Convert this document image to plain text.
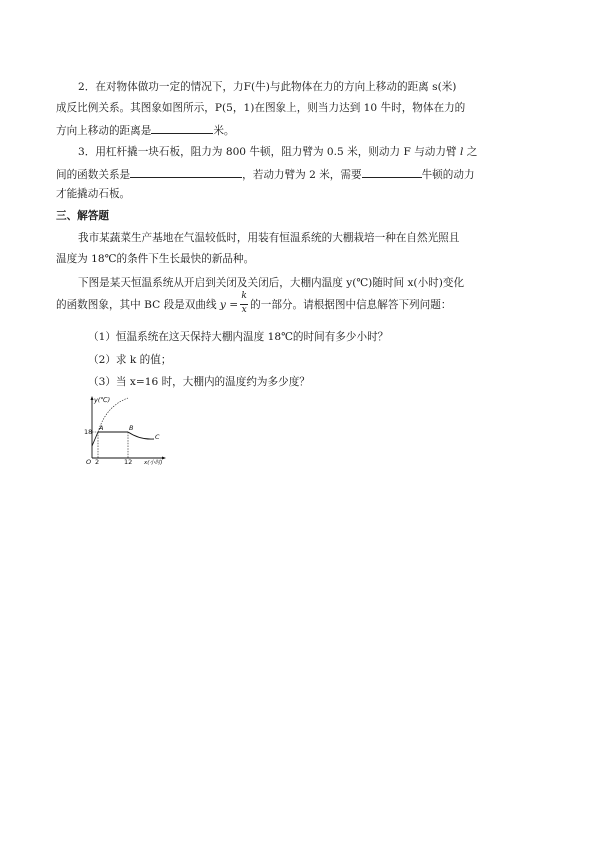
2．在对物体做功一定的情况下，力F(牛)与此物体在力的方向上移动的距离 s(米)
成反比例关系。其图象如图所示，P(5，1)在图象上，则当力达到 10 牛时，物体在力的
方向上移动的距离是	米。
3．用杠杆撬一块石板，阻力为 800 牛顿，阻力臂为 0.5 米，则动力 F 与动力臂 l 之
间的函数关系是	，若动力臂为 2 米，需要	牛顿的动力
才能撬动石板。
三、解答题
我市某蔬菜生产基地在气温较低时，用装有恒温系统的大棚栽培一种在自然光照且
温度为 18℃的条件下生长最快的新品种。
下图是某天恒温系统从开启到关闭及关闭后，大棚内温度 y(℃)随时间 x(小时)变化
的函数图象，其中 BC 段是双曲线 $y = \frac{k}{x}$ 的一部分。请根据图中信息解答下列问题：
（1）恒温系统在这天保持大棚内温度 18℃的时间有多少小时？
（2）求 k 的值；
（3）当 x=16 时，大棚内的温度约为多少度？
y(℃)
x(小时)
18
O 2	12
A	B
C
